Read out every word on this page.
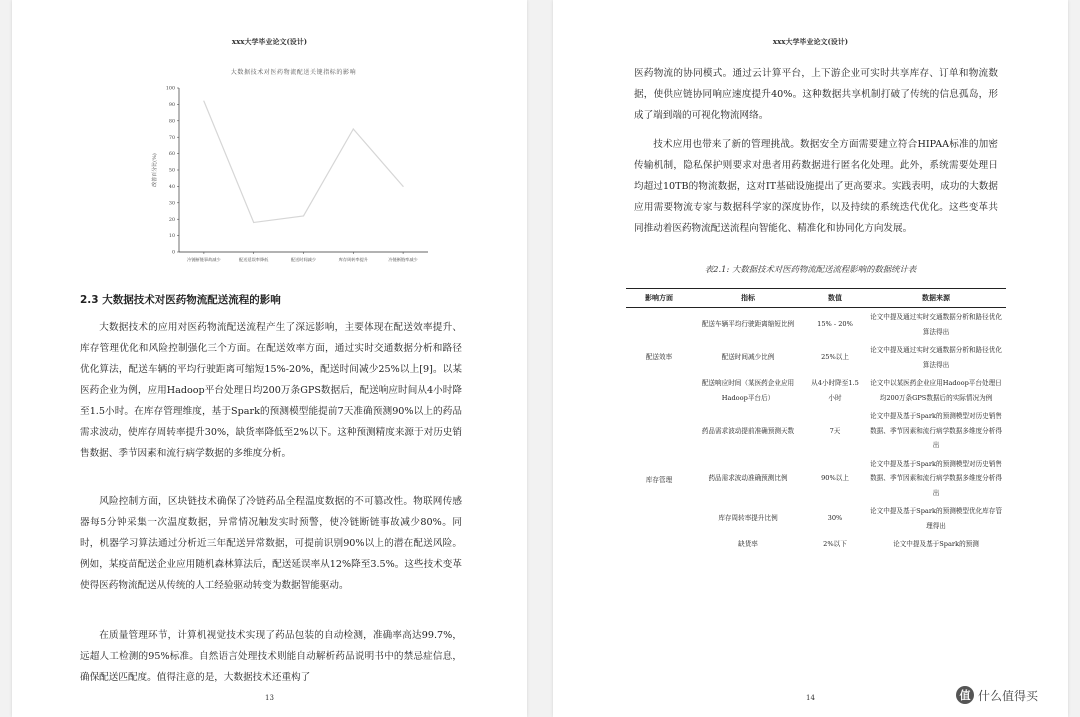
xxx大学毕业论文(设计)
大数据技术对医药物流配送关键指标的影响
0
10
20
30
40
50
60
70
80
90
100
改善百分比(%)
冷链断链事故减少	配送延误率降低	配送时间减少	库存周转率提升	冷链断链率减少
2.3 大数据技术对医药物流配送流程的影响

大数据技术的应用对医药物流配送流程产生了深远影响，主要体现在配送效率提升、库存管理优化和风险控制强化三个方面。在配送效率方面，通过实时交通数据分析和路径优化算法，配送车辆的平均行驶距离可缩短15%-20%，配送时间减少25%以上[9]。以某医药企业为例，应用Hadoop平台处理日均200万条GPS数据后，配送响应时间从4小时降至1.5小时。在库存管理维度，基于Spark的预测模型能提前7天准确预测90%以上的药品需求波动，使库存周转率提升30%，缺货率降低至2%以下。这种预测精度来源于对历史销售数据、季节因素和流行病学数据的多维度分析。

风险控制方面，区块链技术确保了冷链药品全程温度数据的不可篡改性。物联网传感器每5分钟采集一次温度数据，异常情况触发实时预警，使冷链断链事故减少80%。同时，机器学习算法通过分析近三年配送异常数据，可提前识别90%以上的潜在配送风险。例如，某疫苗配送企业应用随机森林算法后，配送延误率从12%降至3.5%。这些技术变革使得医药物流配送从传统的人工经验驱动转变为数据智能驱动。

在质量管理环节，计算机视觉技术实现了药品包装的自动检测，准确率高达99.7%，远超人工检测的95%标准。自然语言处理技术则能自动解析药品说明书中的禁忌症信息，确保配送匹配度。值得注意的是，大数据技术还重构了

13
xxx大学毕业论文(设计)

医药物流的协同模式。通过云计算平台，上下游企业可实时共享库存、订单和物流数据，使供应链协同响应速度提升40%。这种数据共享机制打破了传统的信息孤岛，形成了端到端的可视化物流网络。

技术应用也带来了新的管理挑战。数据安全方面需要建立符合HIPAA标准的加密传输机制，隐私保护则要求对患者用药数据进行匿名化处理。此外，系统需要处理日均超过10TB的物流数据，这对IT基础设施提出了更高要求。实践表明，成功的大数据应用需要物流专家与数据科学家的深度协作，以及持续的系统迭代优化。这些变革共同推动着医药物流配送流程向智能化、精准化和协同化方向发展。

表2.1: 大数据技术对医药物流配送流程影响的数据统计表

影响方面	指标	数值	数据来源
配送效率	配送车辆平均行驶距离缩短比例	15% - 20%	论文中提及通过实时交通数据分析和路径优化算法得出
	配送时间减少比例	25%以上	论文中提及通过实时交通数据分析和路径优化算法得出
	配送响应时间（某医药企业应用Hadoop平台后）	从4小时降至1.5小时	论文中以某医药企业应用Hadoop平台处理日均200万条GPS数据后的实际情况为例
库存管理	药品需求波动提前准确预测天数	7天	论文中提及基于Spark的预测模型对历史销售数据、季节因素和流行病学数据多维度分析得出
	药品需求波动准确预测比例	90%以上	论文中提及基于Spark的预测模型对历史销售数据、季节因素和流行病学数据多维度分析得出
	库存周转率提升比例	30%	论文中提及基于Spark的预测模型优化库存管理得出
	缺货率	2%以下	论文中提及基于Spark的预测
14	值 什么值得买
